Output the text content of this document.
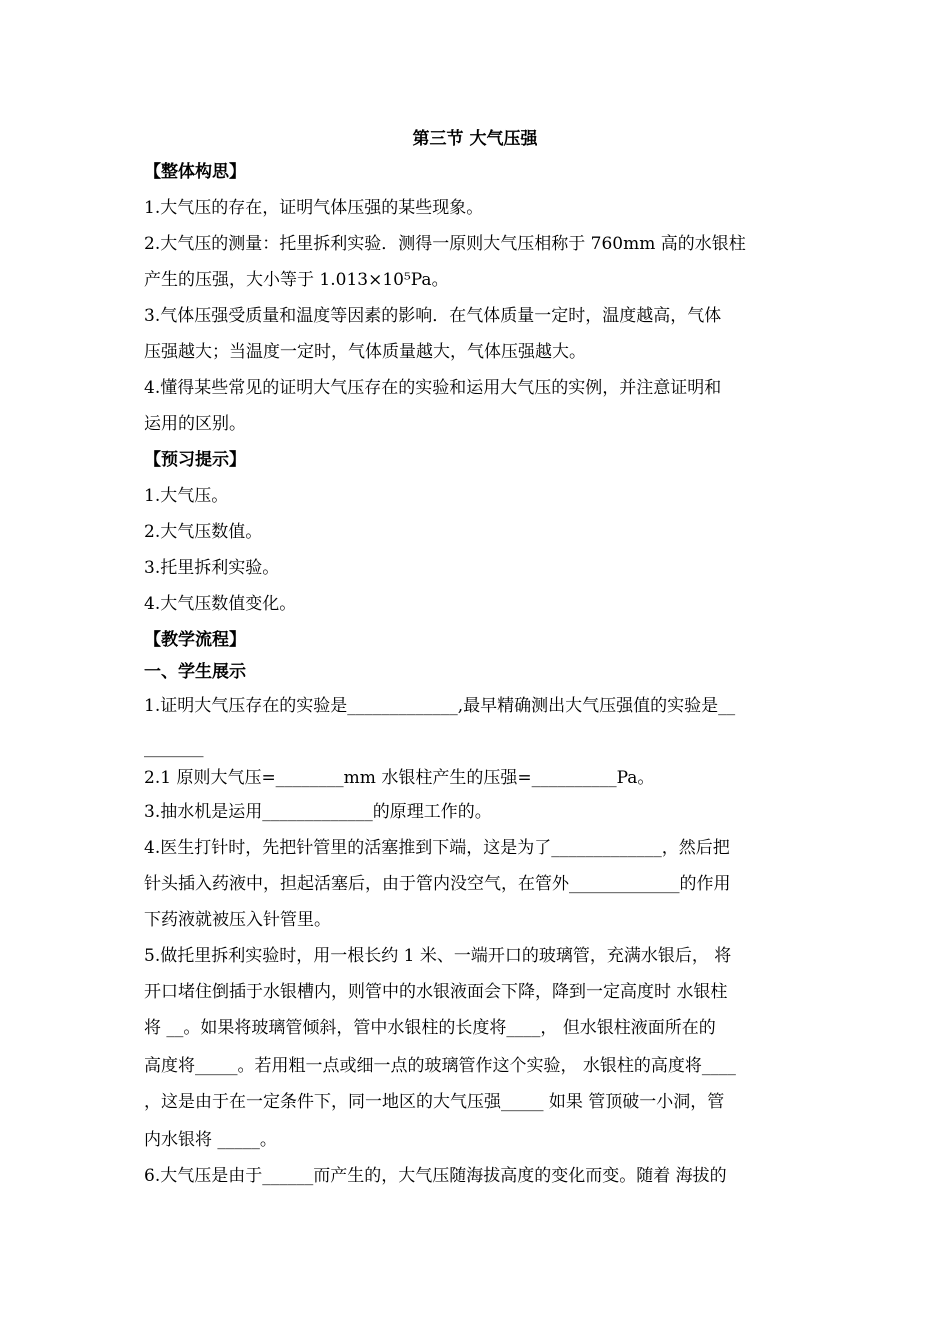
第三节 大气压强
【整体构思】
1.大气压的存在，证明气体压强的某些现象。
2.大气压的测量：托里拆利实验．测得一原则大气压相称于 760mm 高的水银柱
产生的压强，大小等于 1.013×10⁵Pa。
3.气体压强受质量和温度等因素的影响．在气体质量一定时，温度越高，气体
压强越大；当温度一定时，气体质量越大，气体压强越大。
4.懂得某些常见的证明大气压存在的实验和运用大气压的实例，并注意证明和
运用的区别。
【预习提示】
1.大气压。
2.大气压数值。
3.托里拆利实验。
4.大气压数值变化。
【教学流程】
一、学生展示
1.证明大气压存在的实验是_____________,最早精确测出大气压强值的实验是__
_______
2.1 原则大气压=________mm 水银柱产生的压强=__________Pa。
3.抽水机是运用_____________的原理工作的。
4.医生打针时，先把针管里的活塞推到下端，这是为了_____________，然后把
针头插入药液中，担起活塞后，由于管内没空气，在管外_____________的作用
下药液就被压入针管里。
5.做托里拆利实验时，用一根长约 1 米、一端开口的玻璃管，充满水银后， 将
开口堵住倒插于水银槽内，则管中的水银液面会下降，降到一定高度时 水银柱
将 __。如果将玻璃管倾斜，管中水银柱的长度将____， 但水银柱液面所在的
高度将_____。若用粗一点或细一点的玻璃管作这个实验， 水银柱的高度将____
，这是由于在一定条件下，同一地区的大气压强_____ 如果 管顶破一小洞，管
内水银将 _____。
6.大气压是由于______而产生的，大气压随海拔高度的变化而变。随着 海拔的
